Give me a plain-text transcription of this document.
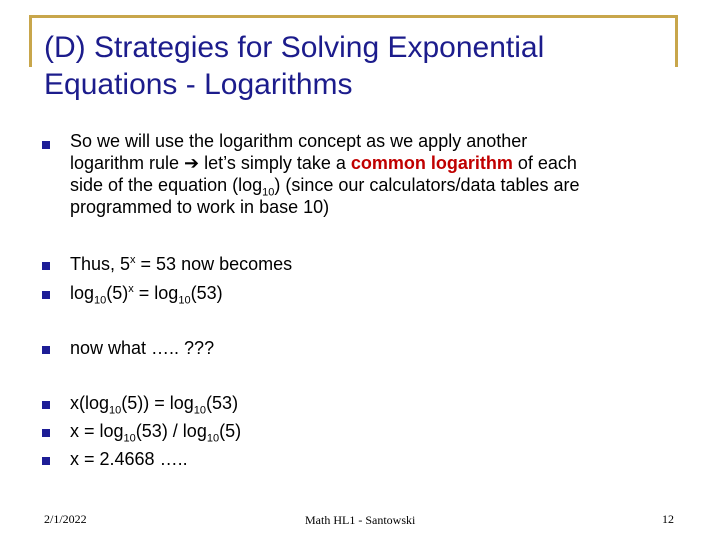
(D) Strategies for Solving Exponential
Equations - Logarithms
So we will use the logarithm concept as we apply another
logarithm rule ➔ let’s simply take a common logarithm of each
side of the equation $(\log_{10})$ (since our calculators/data tables are
programmed to work in base 10)
Thus, $5^x = 53$ now becomes
$\log_{10}(5)^x = \log_{10}(53)$
now what ….. ???
$x(\log_{10}(5)) = \log_{10}(53)$
$x = \log_{10}(53) / \log_{10}(5)$
x = 2.4668 …..
2/1/2022	Math HL1 - Santowski	12
